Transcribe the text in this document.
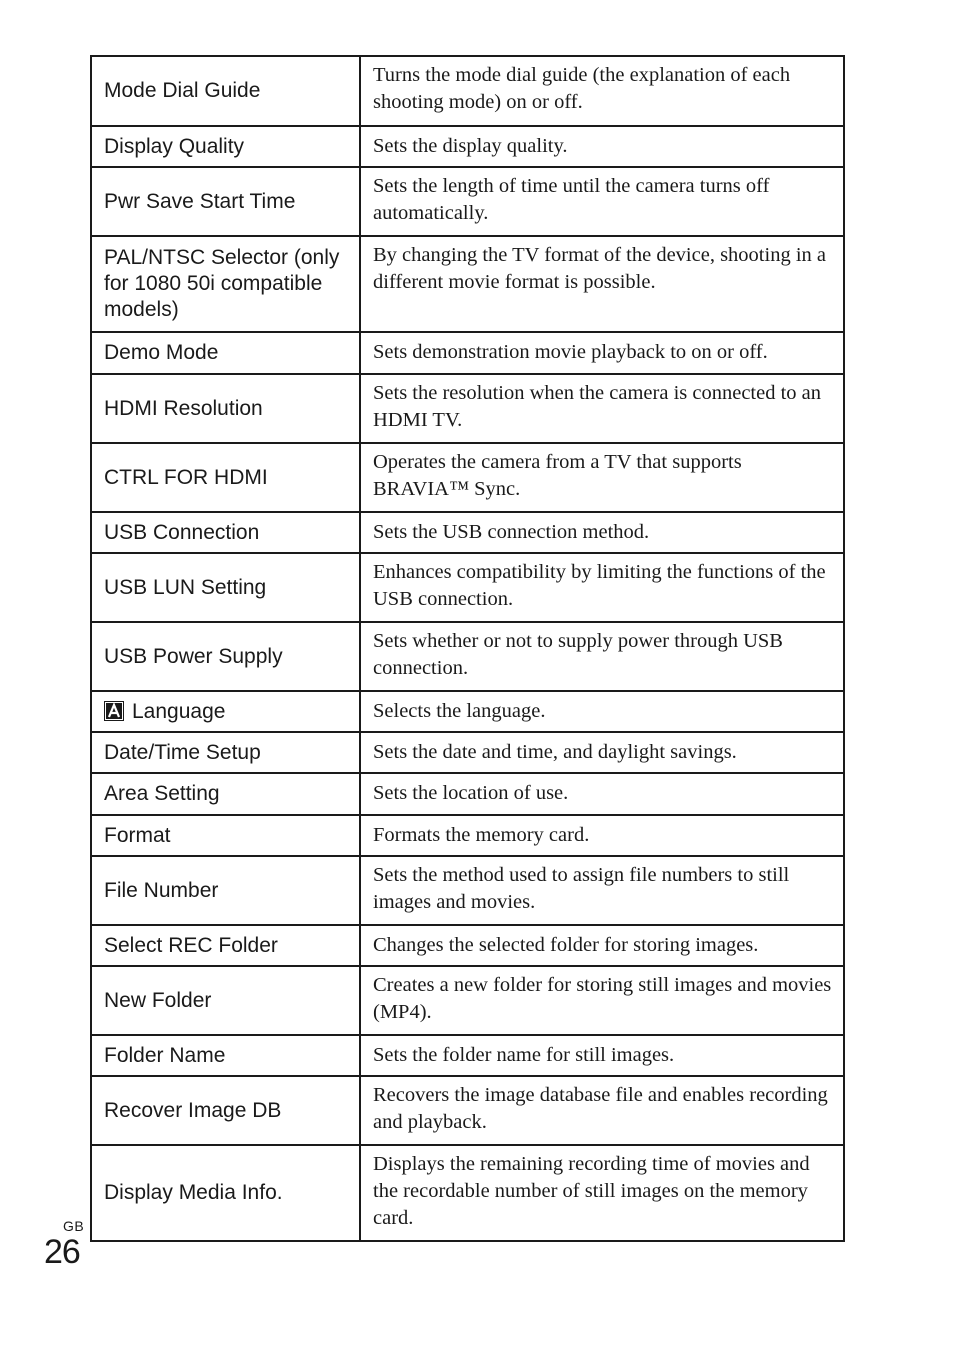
Mode Dial Guide	Turns the mode dial guide (the explanation of each shooting mode) on or off.
Display Quality	Sets the display quality.
Pwr Save Start Time	Sets the length of time until the camera turns off automatically.
PAL/NTSC Selector (only for 1080 50i compatible models)	By changing the TV format of the device, shooting in a different movie format is possible.
Demo Mode	Sets demonstration movie playback to on or off.
HDMI Resolution	Sets the resolution when the camera is connected to an HDMI TV.
CTRL FOR HDMI	Operates the camera from a TV that supports BRAVIA™ Sync.
USB Connection	Sets the USB connection method.
USB LUN Setting	Enhances compatibility by limiting the functions of the USB connection.
USB Power Supply	Sets whether or not to supply power through USB connection.

Language	Selects the language.
Date/Time Setup	Sets the date and time, and daylight savings.
Area Setting	Sets the location of use.
Format	Formats the memory card.
File Number	Sets the method used to assign file numbers to still images and movies.
Select REC Folder	Changes the selected folder for storing images.
New Folder	Creates a new folder for storing still images and movies (MP4).
Folder Name	Sets the folder name for still images.
Recover Image DB	Recovers the image database file and enables recording and playback.
Display Media Info.	Displays the remaining recording time of movies and the recordable number of still images on the memory card.
GB
26
